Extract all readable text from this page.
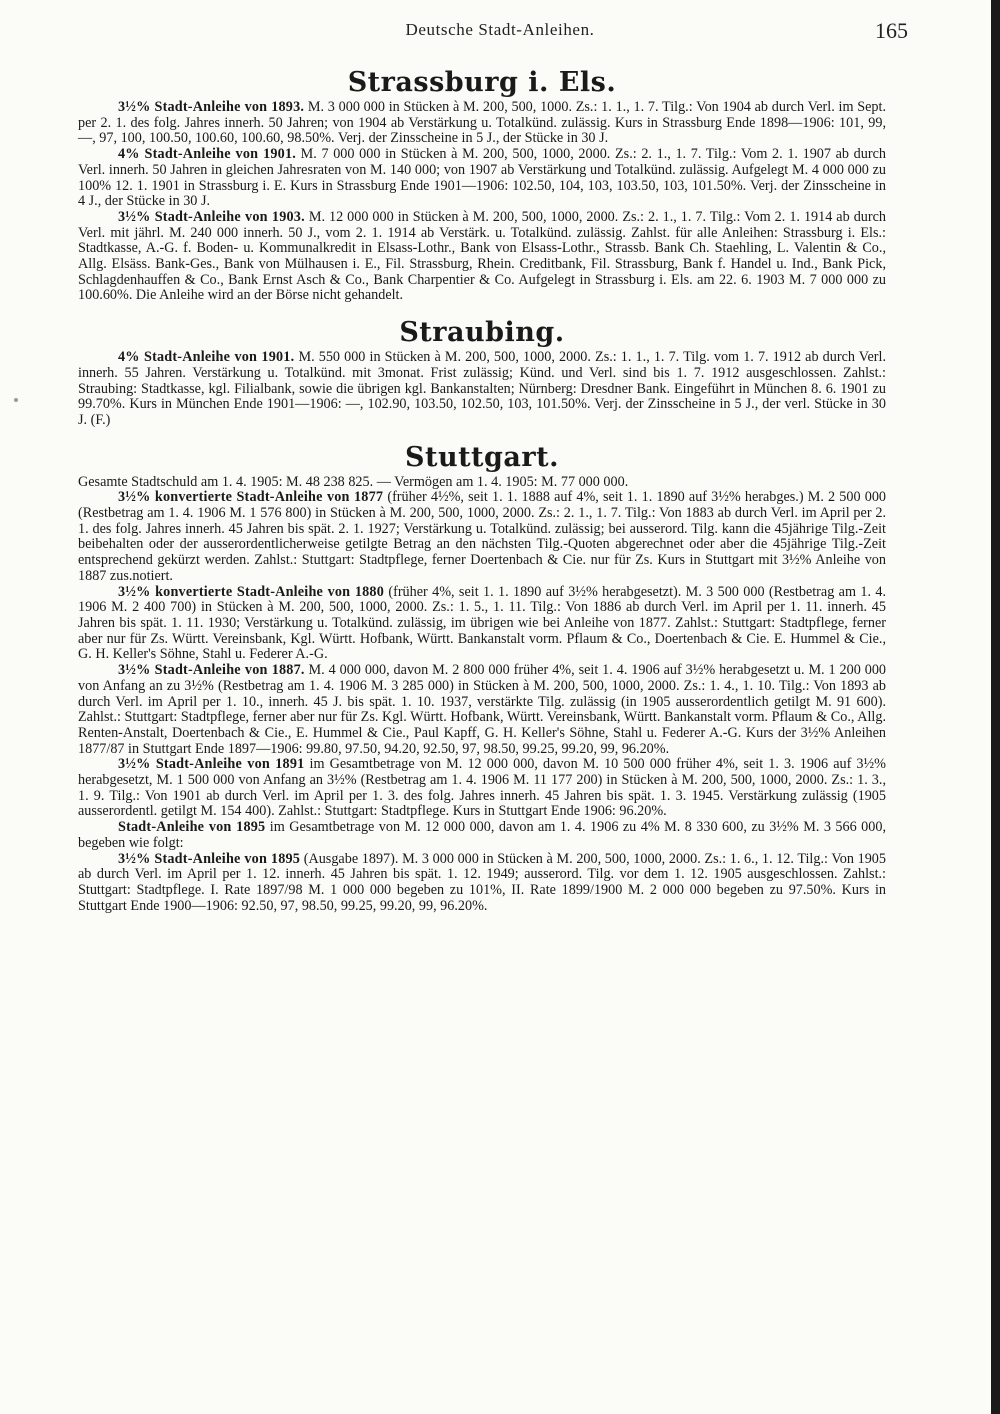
Deutsche Stadt-Anleihen.	165
Strassburg i. Els.

3½% Stadt-Anleihe von 1893. M. 3 000 000 in Stücken à M. 200, 500, 1000. Zs.: 1. 1., 1. 7. Tilg.: Von 1904 ab durch Verl. im Sept. per 2. 1. des folg. Jahres innerh. 50 Jahren; von 1904 ab Verstärkung u. Totalkünd. zulässig. Kurs in Strassburg Ende 1898—1906: 101, 99, —, 97, 100, 100.50, 100.60, 100.60, 98.50%. Verj. der Zinsscheine in 5 J., der Stücke in 30 J.

4% Stadt-Anleihe von 1901. M. 7 000 000 in Stücken à M. 200, 500, 1000, 2000. Zs.: 2. 1., 1. 7. Tilg.: Vom 2. 1. 1907 ab durch Verl. innerh. 50 Jahren in gleichen Jahresraten von M. 140 000; von 1907 ab Verstärkung und Totalkünd. zulässig. Aufgelegt M. 4 000 000 zu 100% 12. 1. 1901 in Strassburg i. E. Kurs in Strassburg Ende 1901—1906: 102.50, 104, 103, 103.50, 103, 101.50%. Verj. der Zinsscheine in 4 J., der Stücke in 30 J.

3½% Stadt-Anleihe von 1903. M. 12 000 000 in Stücken à M. 200, 500, 1000, 2000. Zs.: 2. 1., 1. 7. Tilg.: Vom 2. 1. 1914 ab durch Verl. mit jährl. M. 240 000 innerh. 50 J., vom 2. 1. 1914 ab Verstärk. u. Totalkünd. zulässig. Zahlst. für alle Anleihen: Strassburg i. Els.: Stadtkasse, A.-G. f. Boden- u. Kommunalkredit in Elsass-Lothr., Bank von Elsass-Lothr., Strassb. Bank Ch. Staehling, L. Valentin & Co., Allg. Elsäss. Bank-Ges., Bank von Mülhausen i. E., Fil. Strassburg, Rhein. Creditbank, Fil. Strassburg, Bank f. Handel u. Ind., Bank Pick, Schlagdenhauffen & Co., Bank Ernst Asch & Co., Bank Charpentier & Co. Aufgelegt in Strassburg i. Els. am 22. 6. 1903 M. 7 000 000 zu 100.60%. Die Anleihe wird an der Börse nicht gehandelt.

Straubing.

4% Stadt-Anleihe von 1901. M. 550 000 in Stücken à M. 200, 500, 1000, 2000. Zs.: 1. 1., 1. 7. Tilg. vom 1. 7. 1912 ab durch Verl. innerh. 55 Jahren. Verstärkung u. Totalkünd. mit 3monat. Frist zulässig; Künd. und Verl. sind bis 1. 7. 1912 ausgeschlossen. Zahlst.: Straubing: Stadtkasse, kgl. Filialbank, sowie die übrigen kgl. Bankanstalten; Nürnberg: Dresdner Bank. Eingeführt in München 8. 6. 1901 zu 99.70%. Kurs in München Ende 1901—1906: —, 102.90, 103.50, 102.50, 103, 101.50%. Verj. der Zinsscheine in 5 J., der verl. Stücke in 30 J. (F.)

Stuttgart.

Gesamte Stadtschuld am 1. 4. 1905: M. 48 238 825. — Vermögen am 1. 4. 1905: M. 77 000 000.

3½% konvertierte Stadt-Anleihe von 1877 (früher 4½%, seit 1. 1. 1888 auf 4%, seit 1. 1. 1890 auf 3½% herabges.) M. 2 500 000 (Restbetrag am 1. 4. 1906 M. 1 576 800) in Stücken à M. 200, 500, 1000, 2000. Zs.: 2. 1., 1. 7. Tilg.: Von 1883 ab durch Verl. im April per 2. 1. des folg. Jahres innerh. 45 Jahren bis spät. 2. 1. 1927; Verstärkung u. Totalkünd. zulässig; bei ausserord. Tilg. kann die 45jährige Tilg.-Zeit beibehalten oder der ausserordentlicherweise getilgte Betrag an den nächsten Tilg.-Quoten abgerechnet oder aber die 45jährige Tilg.-Zeit entsprechend gekürzt werden. Zahlst.: Stuttgart: Stadtpflege, ferner Doertenbach & Cie. nur für Zs. Kurs in Stuttgart mit 3½% Anleihe von 1887 zus.notiert.

3½% konvertierte Stadt-Anleihe von 1880 (früher 4%, seit 1. 1. 1890 auf 3½% herabgesetzt). M. 3 500 000 (Restbetrag am 1. 4. 1906 M. 2 400 700) in Stücken à M. 200, 500, 1000, 2000. Zs.: 1. 5., 1. 11. Tilg.: Von 1886 ab durch Verl. im April per 1. 11. innerh. 45 Jahren bis spät. 1. 11. 1930; Verstärkung u. Totalkünd. zulässig, im übrigen wie bei Anleihe von 1877. Zahlst.: Stuttgart: Stadtpflege, ferner aber nur für Zs. Württ. Vereinsbank, Kgl. Württ. Hofbank, Württ. Bankanstalt vorm. Pflaum & Co., Doertenbach & Cie. E. Hummel & Cie., G. H. Keller's Söhne, Stahl u. Federer A.-G.

3½% Stadt-Anleihe von 1887. M. 4 000 000, davon M. 2 800 000 früher 4%, seit 1. 4. 1906 auf 3½% herabgesetzt u. M. 1 200 000 von Anfang an zu 3½% (Restbetrag am 1. 4. 1906 M. 3 285 000) in Stücken à M. 200, 500, 1000, 2000. Zs.: 1. 4., 1. 10. Tilg.: Von 1893 ab durch Verl. im April per 1. 10., innerh. 45 J. bis spät. 1. 10. 1937, verstärkte Tilg. zulässig (in 1905 ausserordentlich getilgt M. 91 600). Zahlst.: Stuttgart: Stadtpflege, ferner aber nur für Zs. Kgl. Württ. Hofbank, Württ. Vereinsbank, Württ. Bankanstalt vorm. Pflaum & Co., Allg. Renten-Anstalt, Doertenbach & Cie., E. Hummel & Cie., Paul Kapff, G. H. Keller's Söhne, Stahl u. Federer A.-G. Kurs der 3½% Anleihen 1877/87 in Stuttgart Ende 1897—1906: 99.80, 97.50, 94.20, 92.50, 97, 98.50, 99.25, 99.20, 99, 96.20%.

3½% Stadt-Anleihe von 1891 im Gesamtbetrage von M. 12 000 000, davon M. 10 500 000 früher 4%, seit 1. 3. 1906 auf 3½% herabgesetzt, M. 1 500 000 von Anfang an 3½% (Restbetrag am 1. 4. 1906 M. 11 177 200) in Stücken à M. 200, 500, 1000, 2000. Zs.: 1. 3., 1. 9. Tilg.: Von 1901 ab durch Verl. im April per 1. 3. des folg. Jahres innerh. 45 Jahren bis spät. 1. 3. 1945. Verstärkung zulässig (1905 ausserordentl. getilgt M. 154 400). Zahlst.: Stuttgart: Stadtpflege. Kurs in Stuttgart Ende 1906: 96.20%.

Stadt-Anleihe von 1895 im Gesamtbetrage von M. 12 000 000, davon am 1. 4. 1906 zu 4% M. 8 330 600, zu 3½% M. 3 566 000, begeben wie folgt:

3½% Stadt-Anleihe von 1895 (Ausgabe 1897). M. 3 000 000 in Stücken à M. 200, 500, 1000, 2000. Zs.: 1. 6., 1. 12. Tilg.: Von 1905 ab durch Verl. im April per 1. 12. innerh. 45 Jahren bis spät. 1. 12. 1949; ausserord. Tilg. vor dem 1. 12. 1905 ausgeschlossen. Zahlst.: Stuttgart: Stadtpflege. I. Rate 1897/98 M. 1 000 000 begeben zu 101%, II. Rate 1899/1900 M. 2 000 000 begeben zu 97.50%. Kurs in Stuttgart Ende 1900—1906: 92.50, 97, 98.50, 99.25, 99.20, 99, 96.20%.
